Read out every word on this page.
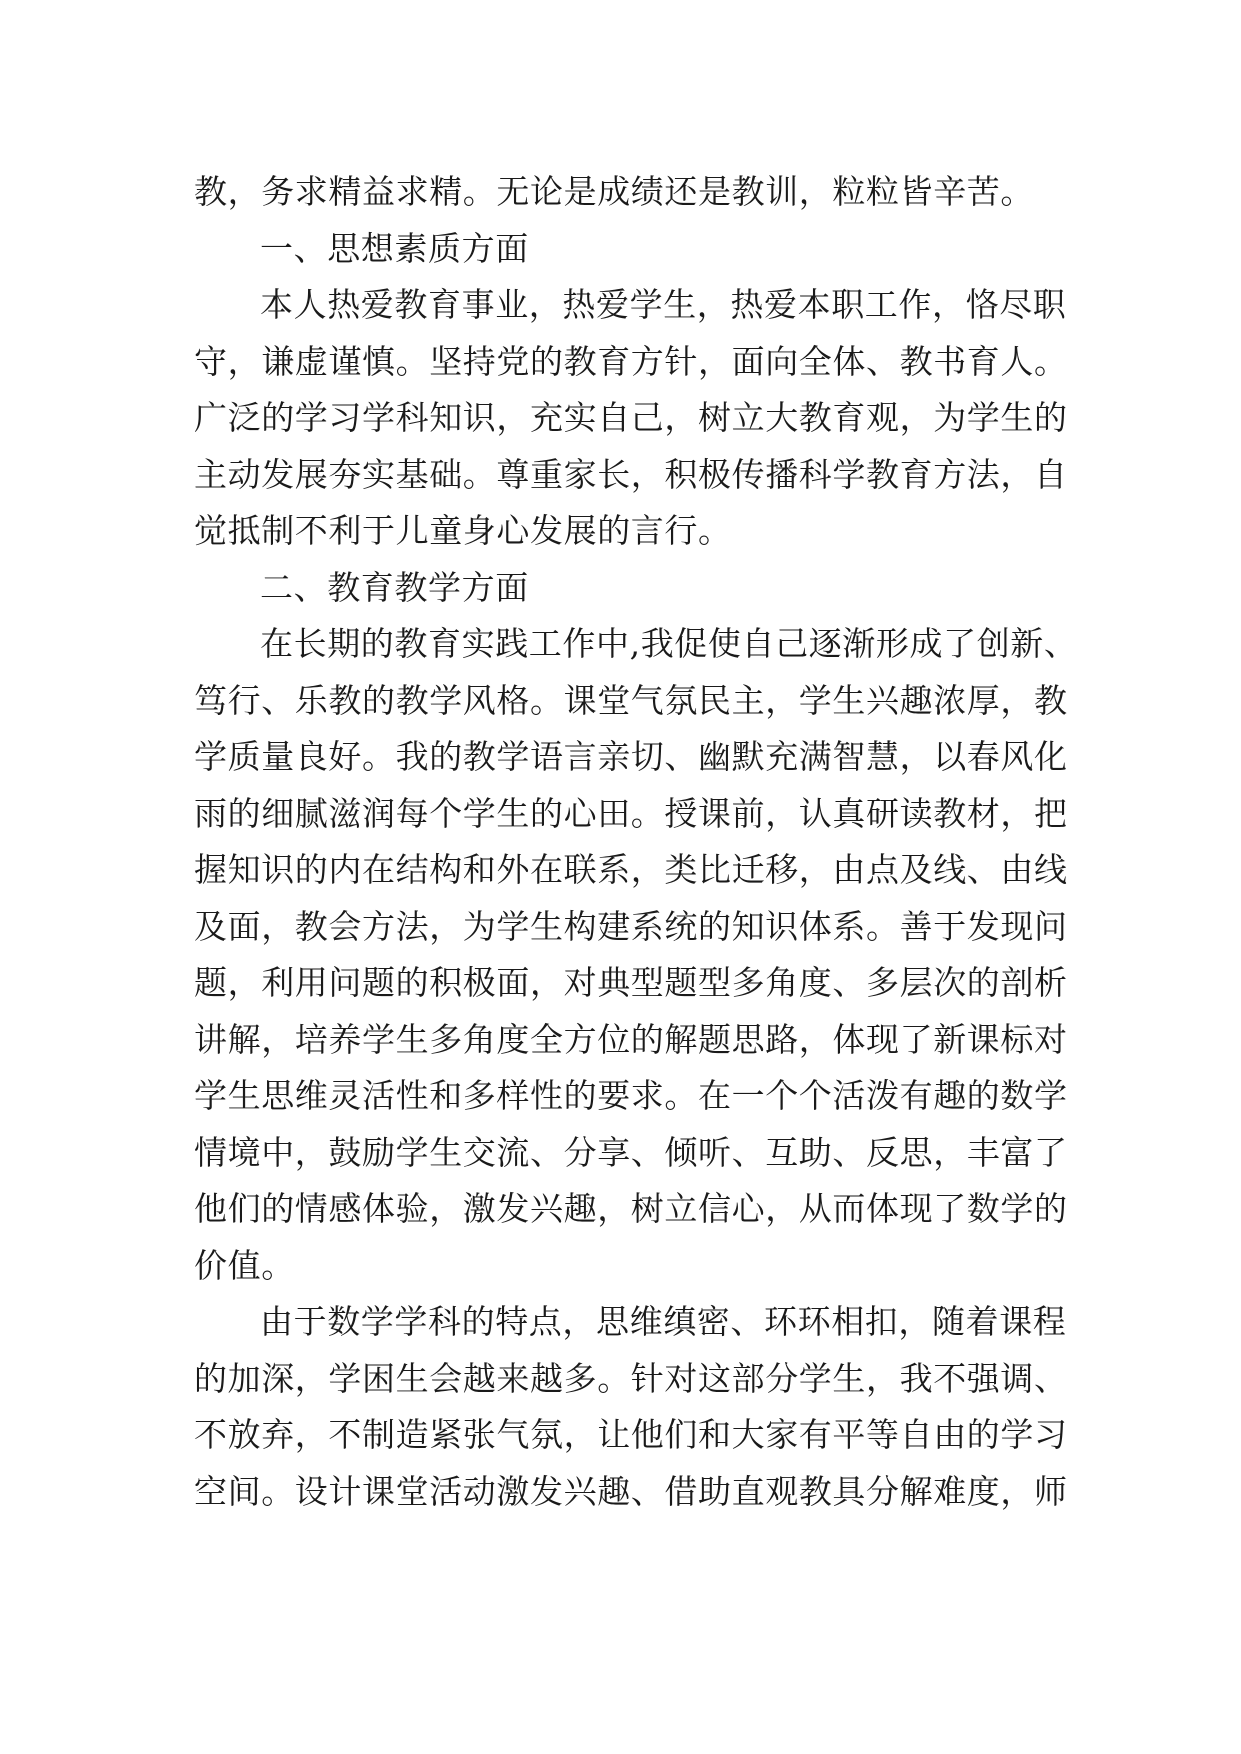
教，务求精益求精。无论是成绩还是教训，粒粒皆辛苦。
一、思想素质方面
本人热爱教育事业，热爱学生，热爱本职工作，恪尽职
守，谦虚谨慎。坚持党的教育方针，面向全体、教书育人。
广泛的学习学科知识，充实自己，树立大教育观，为学生的
主动发展夯实基础。尊重家长，积极传播科学教育方法，自
觉抵制不利于儿童身心发展的言行。
二、教育教学方面
在长期的教育实践工作中,我促使自己逐渐形成了创新、
笃行、乐教的教学风格。课堂气氛民主，学生兴趣浓厚，教
学质量良好。我的教学语言亲切、幽默充满智慧，以春风化
雨的细腻滋润每个学生的心田。授课前，认真研读教材，把
握知识的内在结构和外在联系，类比迁移，由点及线、由线
及面，教会方法，为学生构建系统的知识体系。善于发现问
题，利用问题的积极面，对典型题型多角度、多层次的剖析
讲解，培养学生多角度全方位的解题思路，体现了新课标对
学生思维灵活性和多样性的要求。在一个个活泼有趣的数学
情境中，鼓励学生交流、分享、倾听、互助、反思，丰富了
他们的情感体验，激发兴趣，树立信心，从而体现了数学的
价值。
由于数学学科的特点，思维缜密、环环相扣，随着课程
的加深，学困生会越来越多。针对这部分学生，我不强调、
不放弃，不制造紧张气氛，让他们和大家有平等自由的学习
空间。设计课堂活动激发兴趣、借助直观教具分解难度，师
